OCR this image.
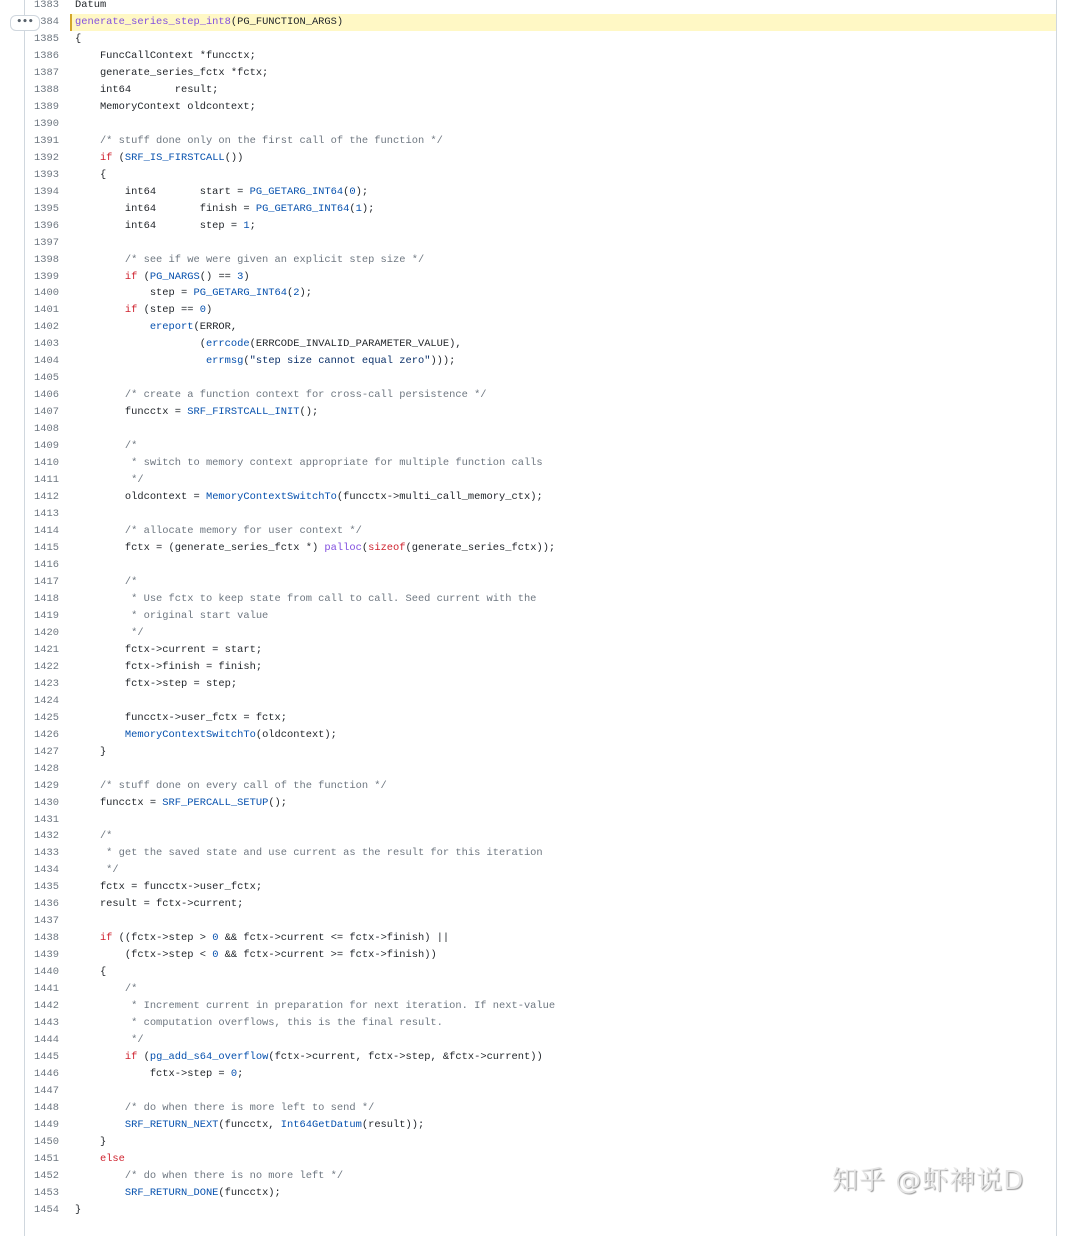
1383	Datum
••• 384	generate_series_step_int8(PG_FUNCTION_ARGS)
1385	{
1386	FuncCallContext *funcctx;
1387	generate_series_fctx *fctx;
1388	int64       result;
1389	MemoryContext oldcontext;
1390

1391	/* stuff done only on the first call of the function */
1392	if (SRF_IS_FIRSTCALL())
1393	{
1394	int64       start = PG_GETARG_INT64(0);
1395	int64       finish = PG_GETARG_INT64(1);
1396	int64       step = 1;
1397

1398	/* see if we were given an explicit step size */
1399	if (PG_NARGS() == 3)
1400	step = PG_GETARG_INT64(2);
1401	if (step == 0)
1402	ereport(ERROR,
1403	(errcode(ERRCODE_INVALID_PARAMETER_VALUE),
1404	errmsg("step size cannot equal zero")));
1405

1406	/* create a function context for cross-call persistence */
1407	funcctx = SRF_FIRSTCALL_INIT();
1408

1409	/*
1410	* switch to memory context appropriate for multiple function calls
1411	*/
1412	oldcontext = MemoryContextSwitchTo(funcctx->multi_call_memory_ctx);
1413

1414	/* allocate memory for user context */
1415	fctx = (generate_series_fctx *) palloc(sizeof(generate_series_fctx));
1416

1417	/*
1418	* Use fctx to keep state from call to call. Seed current with the
1419	* original start value
1420	*/
1421	fctx->current = start;
1422	fctx->finish = finish;
1423	fctx->step = step;
1424

1425	funcctx->user_fctx = fctx;
1426	MemoryContextSwitchTo(oldcontext);
1427	}
1428

1429	/* stuff done on every call of the function */
1430	funcctx = SRF_PERCALL_SETUP();
1431

1432	/*
1433	* get the saved state and use current as the result for this iteration
1434	*/
1435	fctx = funcctx->user_fctx;
1436	result = fctx->current;
1437

1438	if ((fctx->step > 0 && fctx->current <= fctx->finish) ||
1439	(fctx->step < 0 && fctx->current >= fctx->finish))
1440	{
1441	/*
1442	* Increment current in preparation for next iteration. If next-value
1443	* computation overflows, this is the final result.
1444	*/
1445	if (pg_add_s64_overflow(fctx->current, fctx->step, &fctx->current))
1446	fctx->step = 0;
1447

1448	/* do when there is more left to send */
1449	SRF_RETURN_NEXT(funcctx, Int64GetDatum(result));
1450	}
1451	else
1452	/* do when there is no more left */
1453	SRF_RETURN_DONE(funcctx);
1454	}
知乎 @虾神说D
